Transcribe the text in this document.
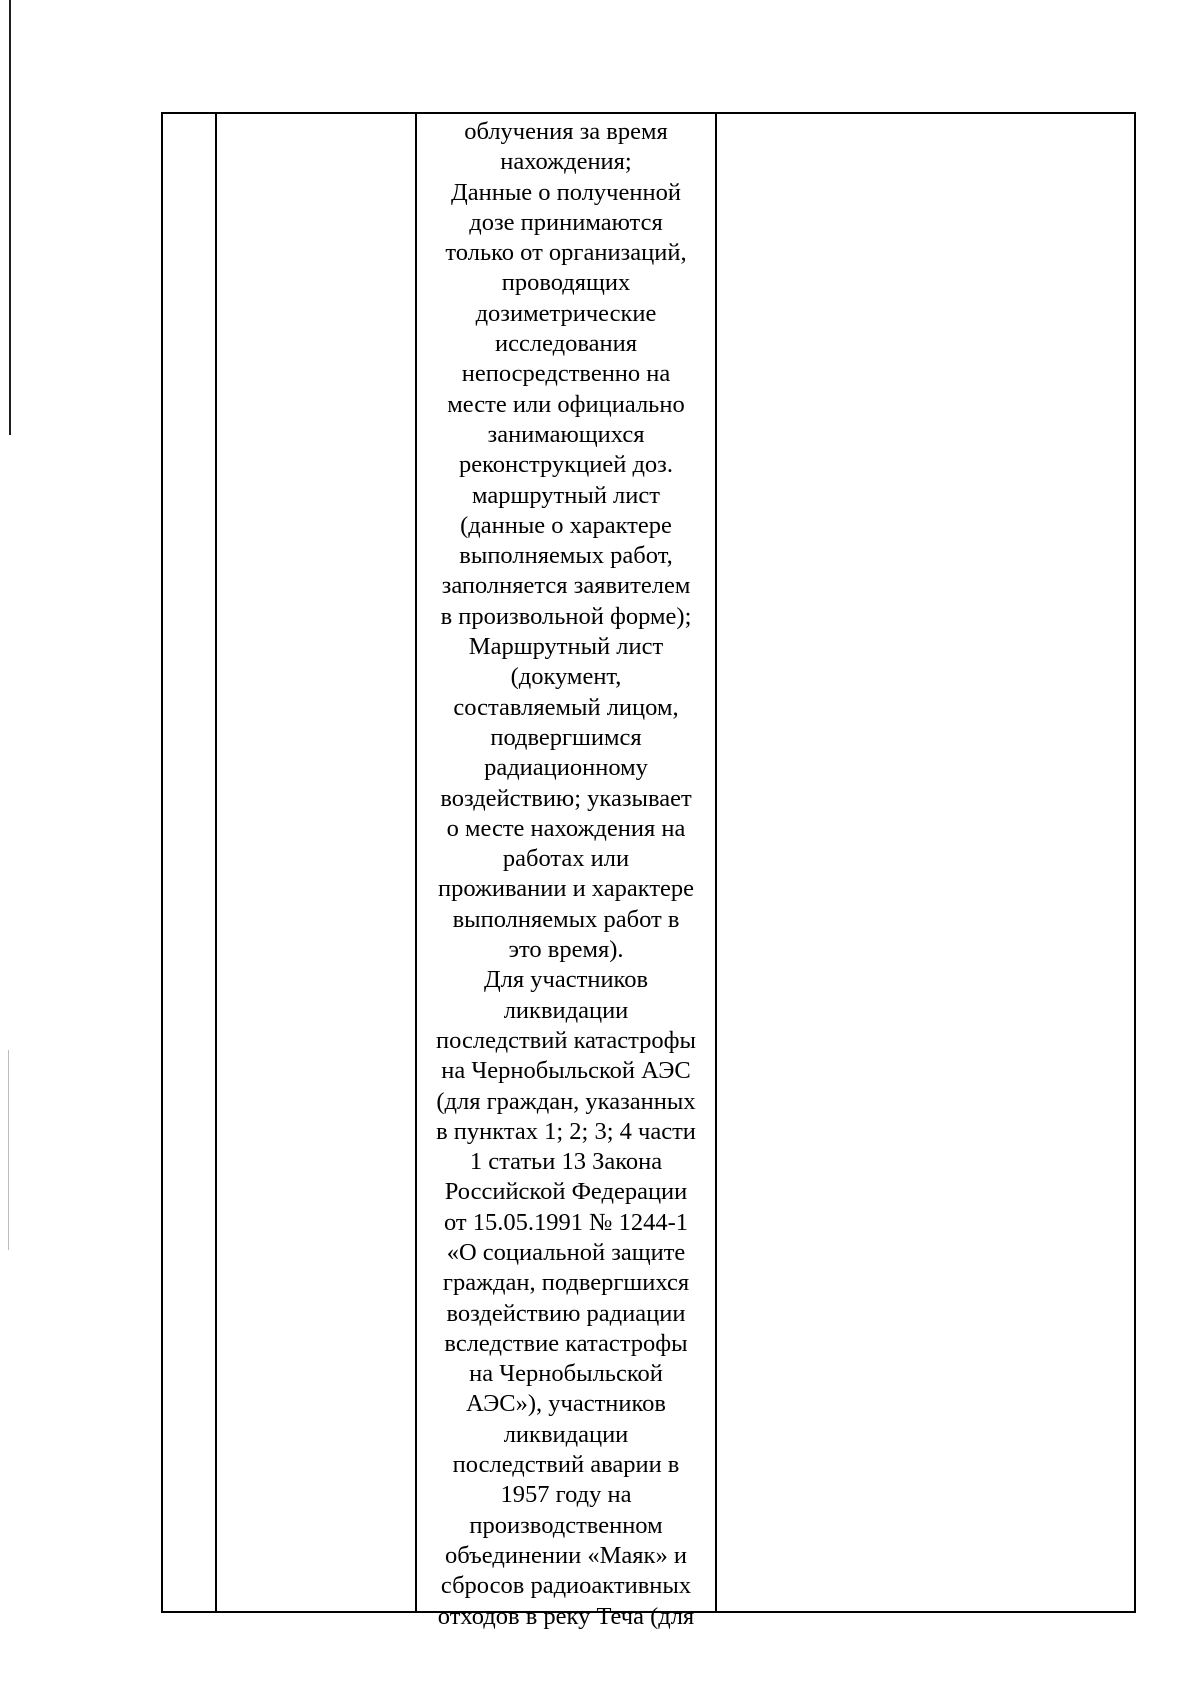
облучения за время
нахождения;
Данные о полученной
дозе принимаются
только от организаций,
проводящих
дозиметрические
исследования
непосредственно на
месте или официально
занимающихся
реконструкцией доз.
маршрутный лист
(данные о характере
выполняемых работ,
заполняется заявителем
в произвольной форме);
Маршрутный лист
(документ,
составляемый лицом,
подвергшимся
радиационному
воздействию; указывает
о месте нахождения на
работах или
проживании и характере
выполняемых работ в
это время).
Для участников
ликвидации
последствий катастрофы
на Чернобыльской АЭС
(для граждан, указанных
в пунктах 1; 2; 3; 4 части
1 статьи 13 Закона
Российской Федерации
от 15.05.1991 № 1244-1
«О социальной защите
граждан, подвергшихся
воздействию радиации
вследствие катастрофы
на Чернобыльской
АЭС»), участников
ликвидации
последствий аварии в
1957 году на
производственном
объединении «Маяк» и
сбросов радиоактивных
отходов в реку Теча (для
